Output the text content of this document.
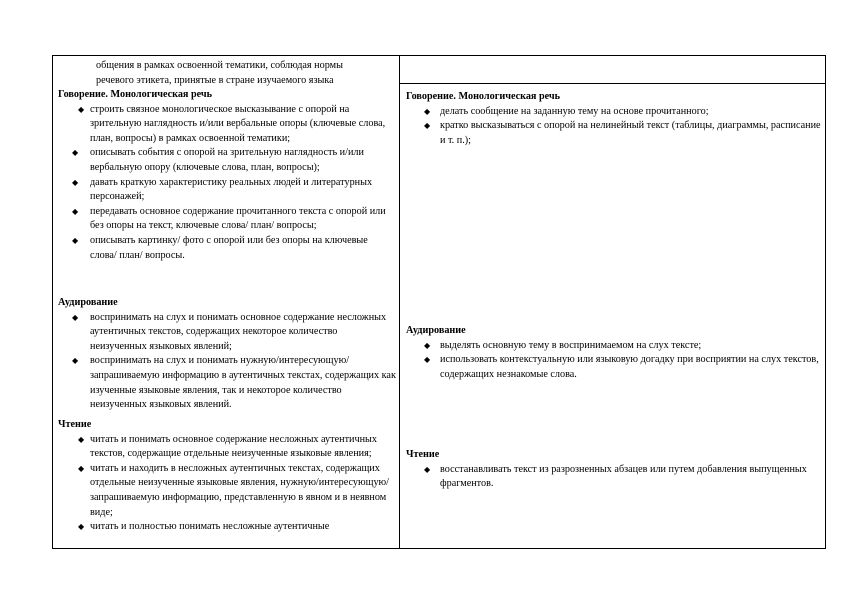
общения в рамках освоенной тематики, соблюдая нормы

речевого этикета, принятые в стране изучаемого языка

Говорение. Монологическая речь
◆ строить связное монологическое высказывание с опорой на зрительную наглядность и/или вербальные опоры (ключевые слова, план, вопросы) в рамках освоенной тематики;
◆ описывать события с опорой на зрительную наглядность и/или вербальную опору (ключевые слова, план, вопросы);
◆ давать краткую характеристику реальных людей и литературных персонажей;
◆ передавать основное содержание прочитанного текста с опорой или без опоры на текст, ключевые слова/ план/ вопросы;
◆ описывать картинку/ фото с опорой или без опоры на ключевые слова/ план/ вопросы.
Аудирование
◆ воспринимать на слух и понимать основное содержание несложных аутентичных текстов, содержащих некоторое количество неизученных языковых явлений;
◆ воспринимать на слух и понимать нужную/интересующую/ запрашиваемую информацию в аутентичных текстах, содержащих как изученные языковые явления, так и некоторое количество неизученных языковых явлений.
Чтение
◆ читать и понимать основное содержание несложных аутентичных текстов, содержащие отдельные неизученные языковые явления;
◆ читать и находить в несложных аутентичных текстах, содержащих отдельные неизученные языковые явления, нужную/интересующую/ запрашиваемую информацию, представленную в явном и в неявном виде;
◆ читать и полностью понимать несложные аутентичные
Говорение. Монологическая речь
◆ делать сообщение на заданную тему на основе прочитанного;
◆ кратко высказываться с опорой на нелинейный текст (таблицы, диаграммы, расписание и т. п.);
Аудирование
◆ выделять основную тему в воспринимаемом на слух тексте;
◆ использовать контекстуальную или языковую догадку при восприятии на слух текстов, содержащих незнакомые слова.
Чтение
◆ восстанавливать текст из разрозненных абзацев или путем добавления выпущенных фрагментов.
